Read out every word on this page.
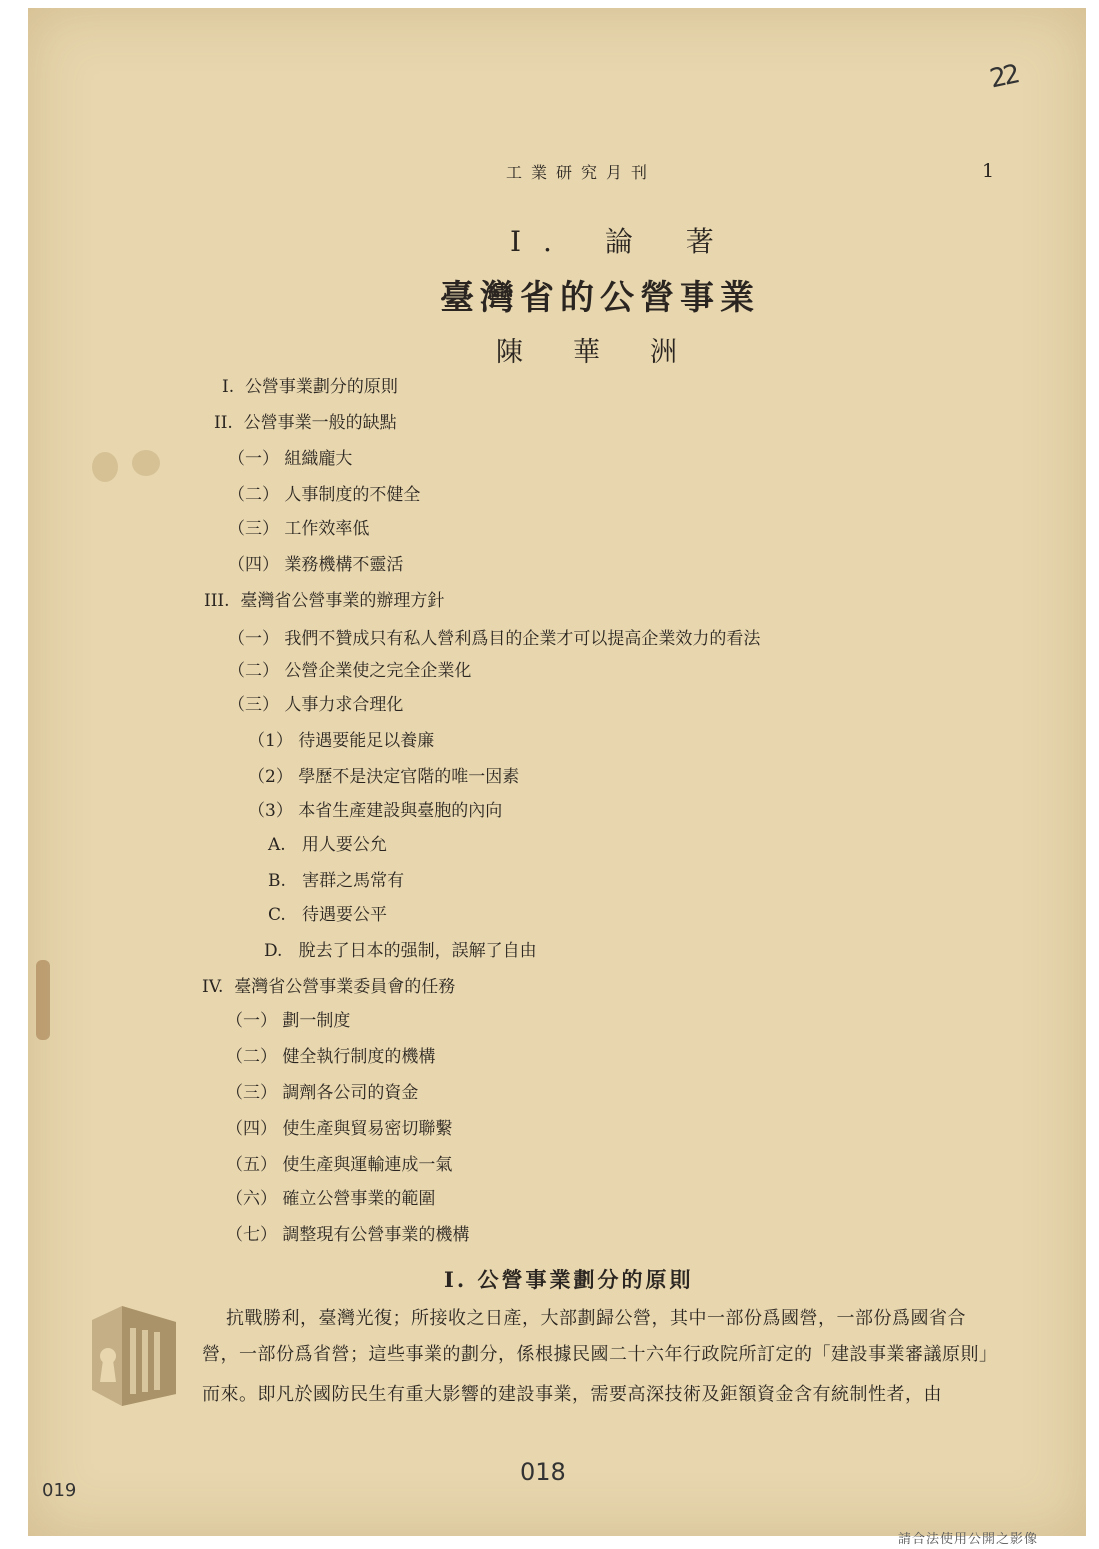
22
工業研究月刊	1
I. 論 著
臺灣省的公營事業
陳華洲
I. 公營事業劃分的原則
II. 公營事業一般的缺點
（一） 組織龐大
（二） 人事制度的不健全
（三） 工作效率低
（四） 業務機構不靈活
III. 臺灣省公營事業的辦理方針
（一） 我們不贊成只有私人營利爲目的企業才可以提高企業效力的看法
（二） 公營企業使之完全企業化
（三） 人事力求合理化
（1） 待遇要能足以養廉
（2） 學歷不是決定官階的唯一因素
（3） 本省生產建設與臺胞的內向
A. 用人要公允
B. 害群之馬常有
C. 待遇要公平
D. 脫去了日本的强制，誤解了自由
IV. 臺灣省公營事業委員會的任務
（一） 劃一制度
（二） 健全執行制度的機構
（三） 調劑各公司的資金
（四） 使生產與貿易密切聯繫
（五） 使生產與運輸連成一氣
（六） 確立公營事業的範圍
（七） 調整現有公營事業的機構
I. 公營事業劃分的原則
抗戰勝利，臺灣光復；所接收之日產，大部劃歸公營，其中一部份爲國營，一部份爲國省合
營，一部份爲省營；這些事業的劃分，係根據民國二十六年行政院所訂定的「建設事業審議原則」
而來。即凡於國防民生有重大影響的建設事業，需要高深技術及鉅額資金含有統制性者，由
018
019
請合法使用公開之影像
